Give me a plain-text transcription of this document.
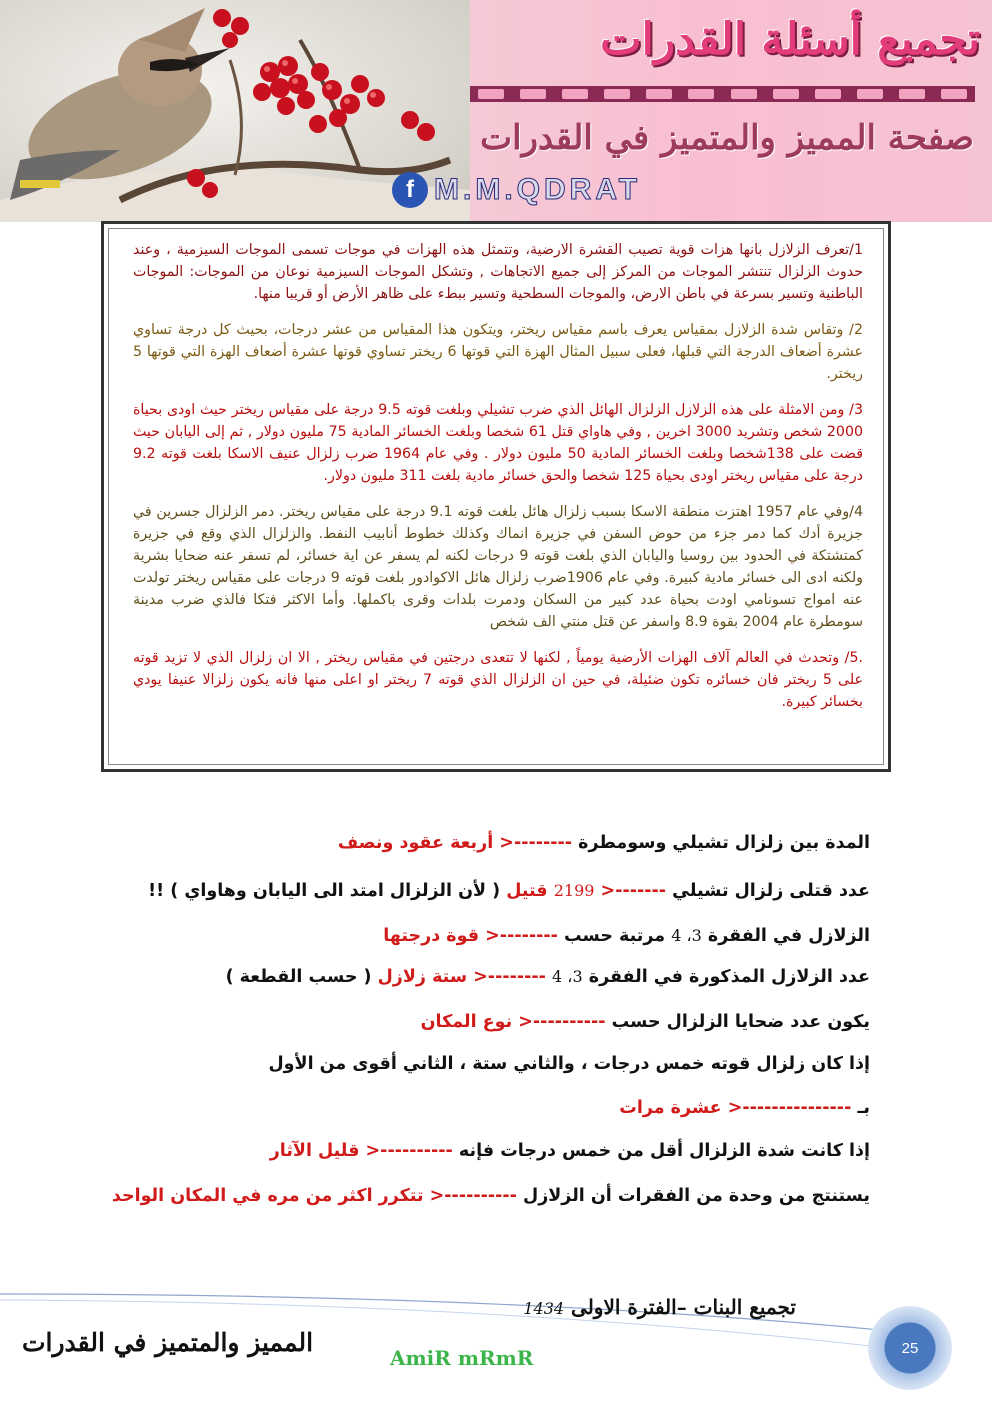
تجميع أسئلة القدرات
صفحة المميز والمتميز في القدرات
f M.M.QDRAT

1/تعرف الزلازل بانها هزات قوية تصيب القشرة الارضية، وتتمثل هذه الهزات في موجات تسمى الموجات السيزمية ، وعند حدوث الزلزال تنتشر الموجات من المركز إلى جميع الاتجاهات , وتشكل الموجات السيزمية نوعان من الموجات: الموجات الباطنية وتسير بسرعة في باطن الارض، والموجات السطحية وتسير ببطء على ظاهر الأرض أو قريبا منها.

2/ وتقاس شدة الزلازل بمقياس يعرف باسم مقياس ريختر، ويتكون هذا المقياس من عشر درجات، بحيث كل درجة تساوي عشرة أضعاف الدرجة التي قبلها، فعلى سبيل المثال الهزة التي قوتها 6 ريختر تساوي قوتها عشرة أضعاف الهزة التي قوتها 5 ريختر.

3/ ومن الامثلة على هذه الزلازل الزلزال الهائل الذي ضرب تشيلي وبلغت قوته 9.5 درجة على مقياس ريختر حيث اودى بحياة 2000 شخص وتشريد 3000 اخرين , وفي هاواي قتل 61 شخصا وبلغت الخسائر المادية 75 مليون دولار , ثم إلى اليابان حيث قضت على 138شخصا وبلغت الخسائر المادية 50 مليون دولار . وفي عام 1964 ضرب زلزال عنيف الاسكا بلغت قوته 9.2 درجة على مقياس ريختر اودى بحياة 125 شخصا والحق خسائر مادية بلغت 311 مليون دولار.

4/وفي عام 1957 اهتزت منطقة الاسكا بسبب زلزال هائل بلغت قوته 9.1 درجة على مقياس ريختر. دمر الزلزال جسرين في جزيرة أدك كما دمر جزء من حوض السفن في جزيرة انماك وكذلك خطوط أنابيب النفط. والزلزال الذي وقع في جزيرة كمتشتكة في الحدود بين روسيا واليابان الذي بلغت قوته 9 درجات لكنه لم يسفر عن اية خسائر، لم تسفر عنه ضحايا بشرية ولكنه ادى الى خسائر مادية كبيرة. وفي عام 1906ضرب زلزال هائل الاكوادور بلغت قوته 9 درجات على مقياس ريختر تولدت عنه امواج تسونامي اودت بحياة عدد كبير من السكان ودمرت بلدات وقرى باكملها. وأما الاكثر فتكا فالذي ضرب مدينة سومطرة عام 2004 بقوة 8.9 واسفر عن قتل منتي الف شخص

.5/ وتحدث في العالم آلاف الهزات الأرضية يومياً , لكنها لا تتعدى درجتين في مقياس ريختر , الا ان زلزال الذي لا تزيد قوته على 5 ريختر فان خسائره تكون ضئيلة، في حين ان الزلزال الذي قوته 7 ريختر او اعلى منها فانه يكون زلزالا عنيفا يودي بخسائر كبيرة.

المدة بين زلزال تشيلي وسومطرة --------< أربعة عقود ونصف
عدد قتلى زلزال تشيلي -------< 2199 قتيل ( لأن الزلزال امتد الى اليابان وهاواي ) !!
الزلازل في الفقرة 3، 4 مرتبة حسب --------< قوة درجتها
عدد الزلازل المذكورة في الفقرة 3، 4 --------< ستة زلازل ( حسب القطعة )
يكون عدد ضحايا الزلزال حسب ----------< نوع المكان
إذا كان زلزال قوته خمس درجات ، والثاني ستة ، الثاني أقوى من الأول
بـ ---------------< عشرة مرات
إذا كانت شدة الزلزال أقل من خمس درجات فإنه ----------< قليل الآثار
يستنتج من وحدة من الفقرات أن الزلازل ----------< تتكرر اكثر من مره في المكان الواحد
تجميع البنات –الفترة الاولى 1434
المميز والمتميز في القدرات
AmiR mRmR	25
